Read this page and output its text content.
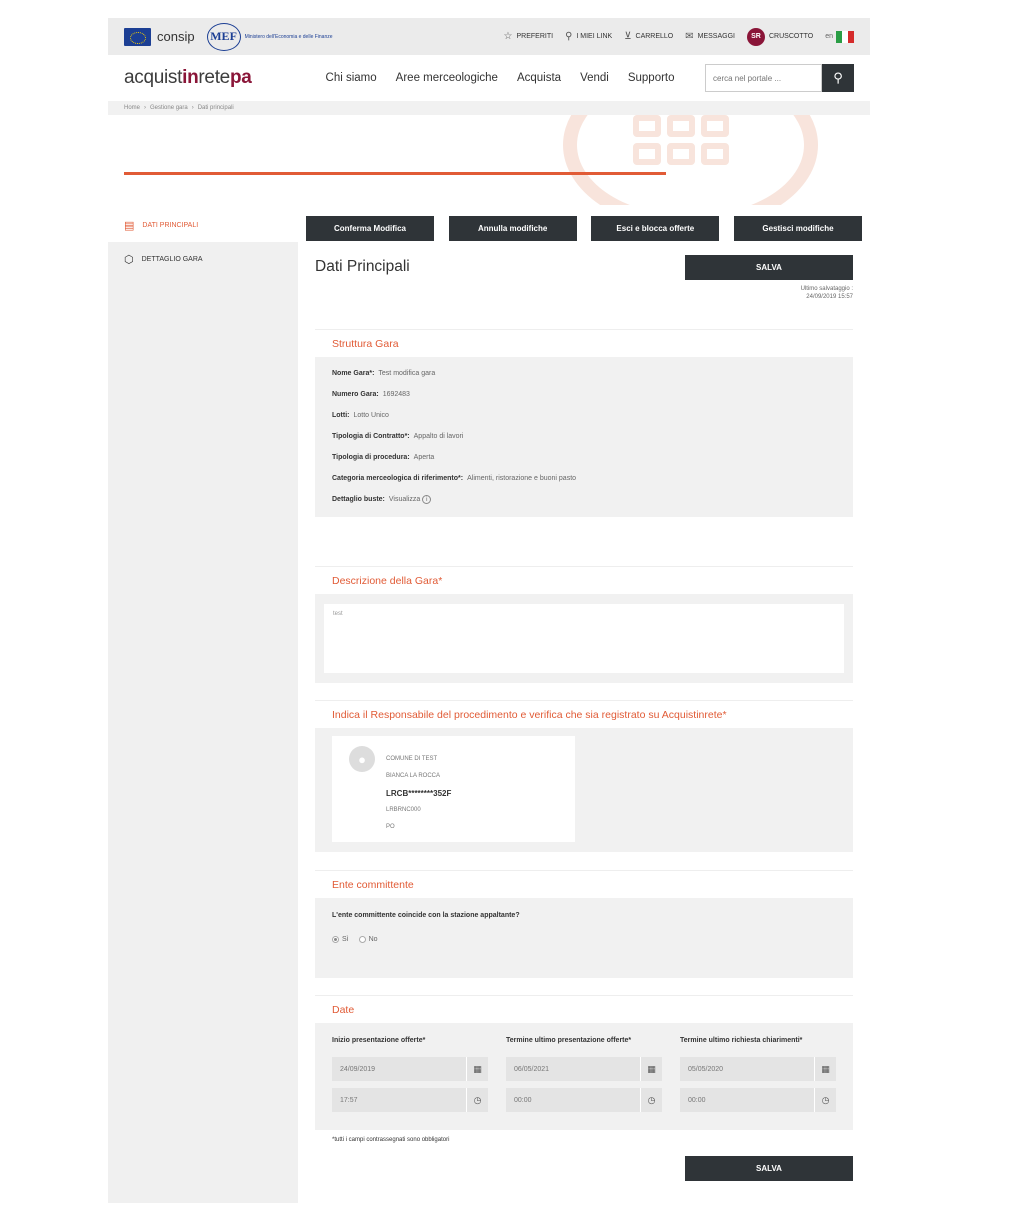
consip	MEF	Ministero dell'Economia e delle Finanze	☆ PREFERITI ⚲ I MIEI LINK ⊻ CARRELLO ✉ MESSAGGI	SR	CRUSCOTTO en
acquistinretepa	Chi siamo Aree merceologiche Acquista Vendi Supporto
cerca nel portale ...	⚲
Home › Gestione gara › Dati principali
▤ DATI PRINCIPALI
⬡ DETTAGLIO GARA
Conferma Modifica	Annulla modifiche	Esci e blocca offerte	Gestisci modifiche
Dati Principali	SALVA
Ultimo salvataggio :
24/09/2019 15:57
Struttura Gara
Nome Gara*: Test modifica gara
Numero Gara: 1692483
Lotti: Lotto Unico
Tipologia di Contratto*: Appalto di lavori
Tipologia di procedura: Aperta
Categoria merceologica di riferimento*: Alimenti, ristorazione e buoni pasto
Dettaglio buste: Visualizza i
Descrizione della Gara*
test
Indica il Responsabile del procedimento e verifica che sia registrato su Acquistinrete*
●	COMUNE DI TEST
BIANCA LA ROCCA
LRCB********352F
LRBRNC000
PO
Ente committente
L'ente committente coincide con la stazione appaltante?
Sì	No
Date
Inizio presentazione offerte*
24/09/2019	▦
17:57	◷
Termine ultimo presentazione offerte*
06/05/2021	▦
00:00	◷
Termine ultimo richiesta chiarimenti*
05/05/2020	▦
00:00	◷
*tutti i campi contrassegnati sono obbligatori
SALVA
